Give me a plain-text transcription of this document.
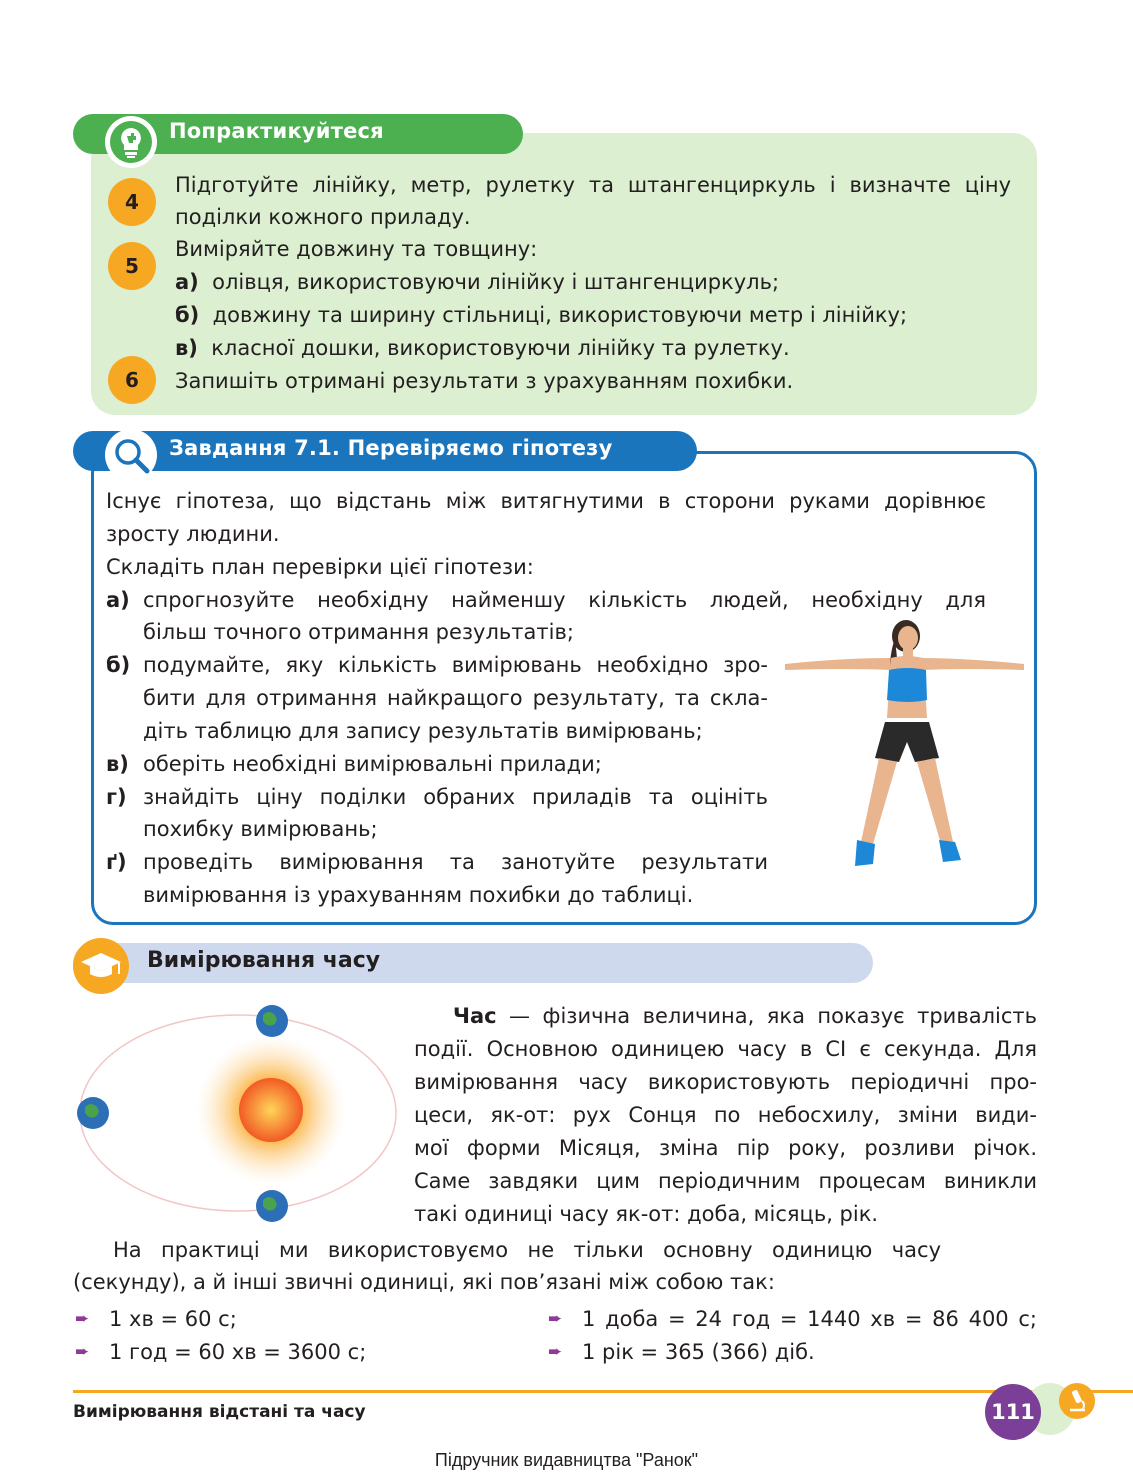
Попрактикуйтеся
4
Підготуйте лінійку, метр, рулетку та штангенциркуль і визначте ціну
поділки кожного приладу.
5
Виміряйте довжину та товщину:
а) олівця, використовуючи лінійку і штангенциркуль;
б) довжину та ширину стільниці, використовуючи метр і лінійку;
в) класної дошки, використовуючи лінійку та рулетку.
6	Запишіть отримані результати з урахуванням похибки.
Завдання 7.1. Перевіряємо гіпотезу
Існує гіпотеза, що відстань між витягнутими в сторони руками дорівнює
зросту людини.
Складіть план перевірки цієї гіпотези:
а) спрогнозуйте необхідну найменшу кількість людей, необхідну для
більш точного отримання результатів;
б) подумайте, яку кількість вимірювань необхідно зро-
бити для отримання найкращого результату, та скла-
діть таблицю для запису результатів вимірювань;
в) оберіть необхідні вимірювальні прилади;
г) знайдіть ціну поділки обраних приладів та оцініть
похибку вимірювань;
ґ) проведіть вимірювання та занотуйте результати
вимірювання із урахуванням похибки до таблиці.
Вимірювання часу
Час — фізична величина, яка показує тривалість
події. Основною одиницею часу в СІ є секунда. Для
вимірювання часу використовують періодичні про-
цеси, як-от: рух Сонця по небосхилу, зміни види-
мої форми Місяця, зміна пір року, розливи річок.
Саме завдяки цим періодичним процесам виникли
такі одиниці часу як-от: доба, місяць, рік.
На практиці ми використовуємо не тільки основну одиницю часу
(секунду), а й інші звичні одиниці, які пов’язані між собою так:
➨ 1 хв = 60 с;
➨ 1 год = 60 хв = 3600 с;
➨ 1 доба = 24 год = 1440 хв = 86 400 с;
➨ 1 рік = 365 (366) діб.
111
Вимірювання відстані та часу
Підручник видавництва "Ранок"
